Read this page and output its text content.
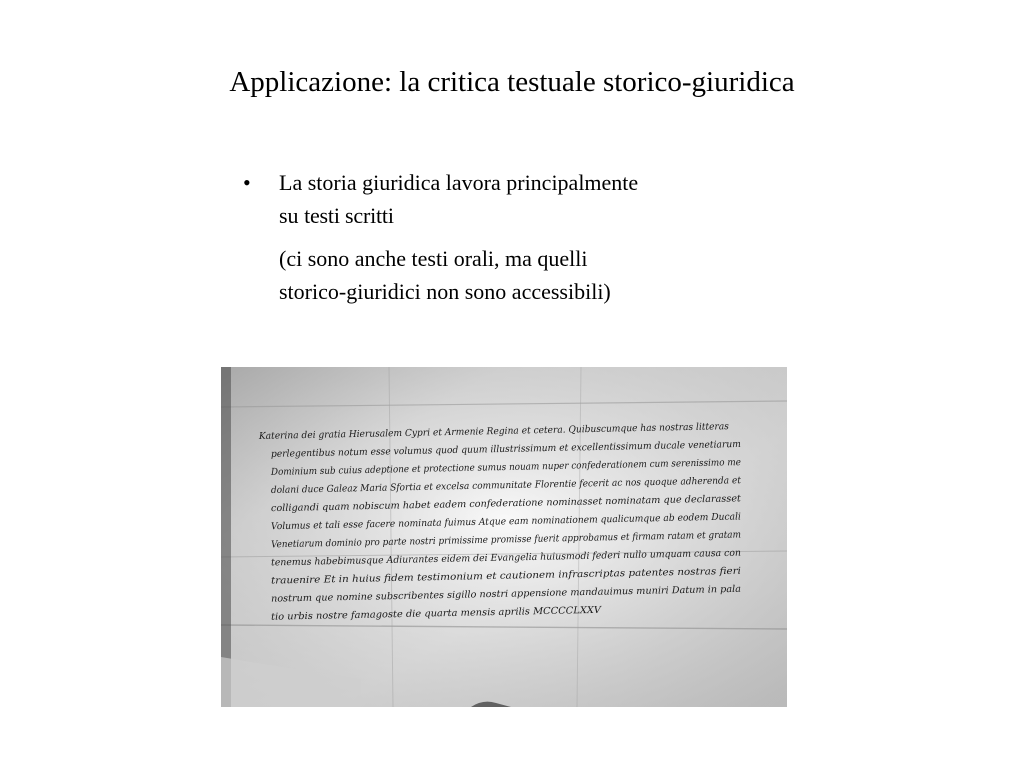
Applicazione: la critica testuale storico-giuridica
• La storia giuridica lavora principalmente

su testi scritti

(ci sono anche testi orali, ma quelli

storico-giuridici non sono accessibili)

Katerina dei gratia Hierusalem Cypri et Armenie Regina et cetera. Quibuscumque has nostras litteras
perlegentibus notum esse volumus quod quum illustrissimum et excellentissimum ducale venetiarum
Dominium sub cuius adeptione et protectione sumus nouam nuper confederationem cum serenissimo me
dolani duce Galeaz Maria Sfortia et excelsa communitate Florentie fecerit ac nos quoque adherenda et
colligandi quam nobiscum habet eadem confederatione nominasset nominatam que declarasset
Volumus et tali esse facere nominata fuimus Atque eam nominationem qualicumque ab eodem Ducali
Venetiarum dominio pro parte nostri primissime promisse fuerit approbamus et firmam ratam et gratam
tenemus habebimusque Adiurantes eidem dei Evangelia huiusmodi federi nullo umquam causa con
trauenire Et in huius fidem testimonium et cautionem infrascriptas patentes nostras fieri
nostrum que nomine subscribentes sigillo nostri appensione mandauimus muniri Datum in pala
tio urbis nostre famagoste die quarta mensis aprilis MCCCCLXXV
